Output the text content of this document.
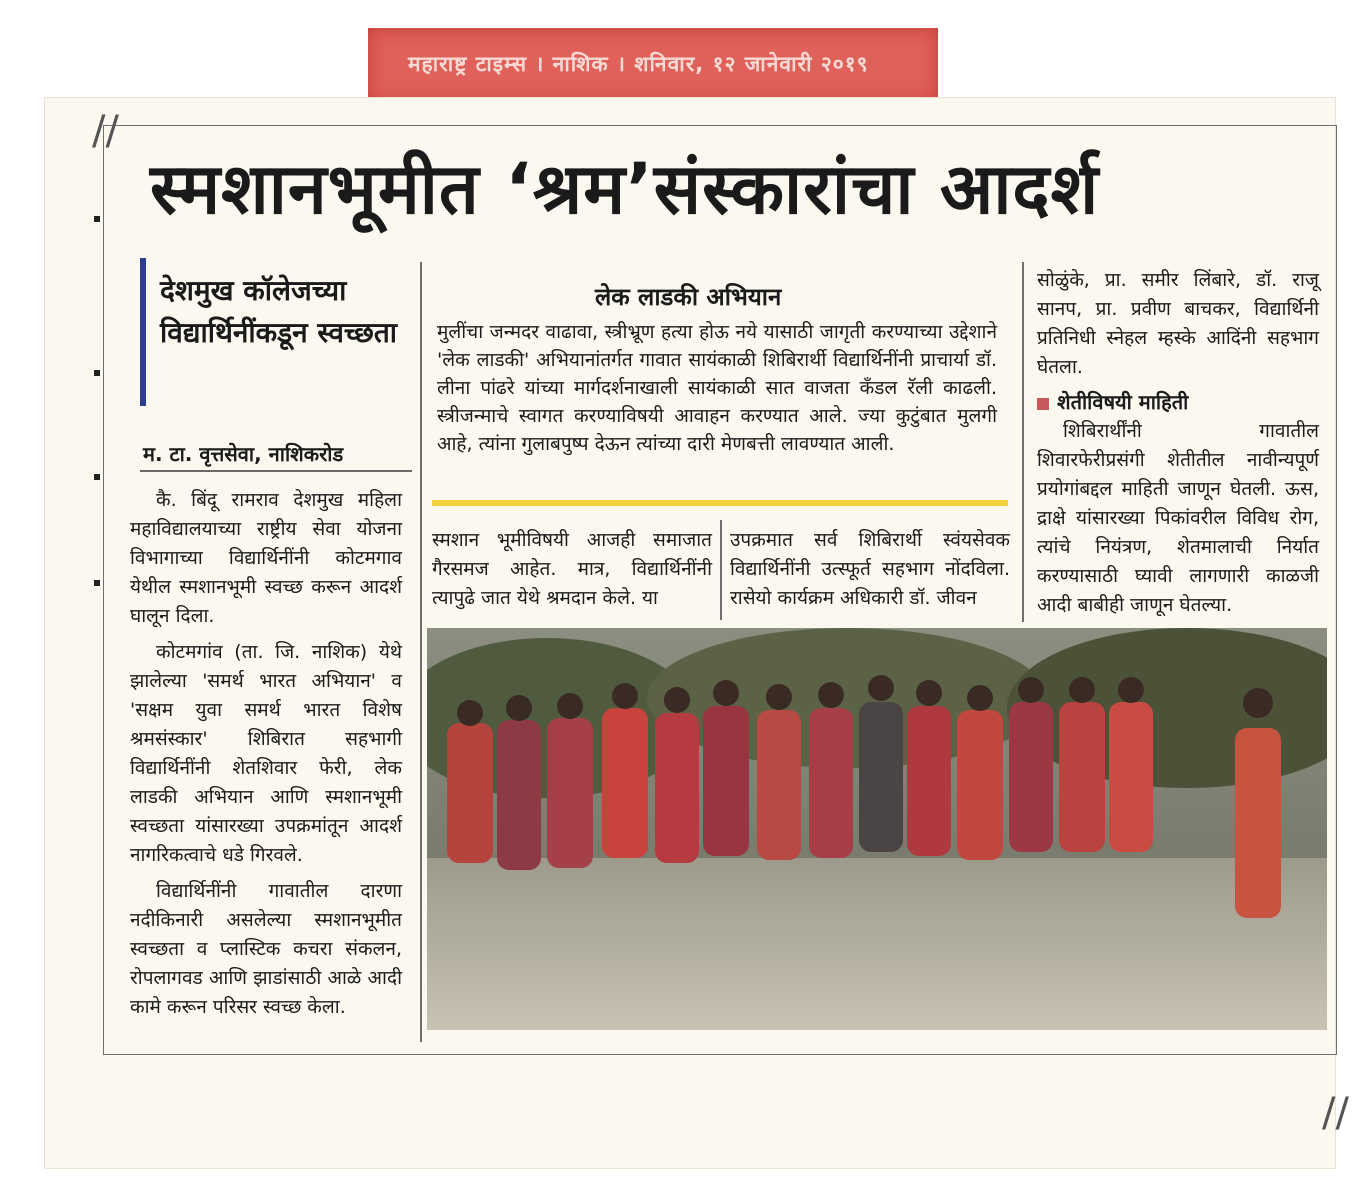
महाराष्ट्र टाइम्स । नाशिक । शनिवार, १२ जानेवारी २०१९
//
//
स्मशानभूमीत ‘श्रम’संस्कारांचा आदर्श
देशमुख कॉलेजच्या विद्यार्थिनींकडून स्वच्छता
म. टा. वृत्तसेवा, नाशिकरोड

कै. बिंदू रामराव देशमुख महिला महाविद्यालयाच्या राष्ट्रीय सेवा योजना विभागाच्या विद्यार्थिनींनी कोटमगाव येथील स्मशानभूमी स्वच्छ करून आदर्श घालून दिला.

कोटमगांव (ता. जि. नाशिक) येथे झालेल्या 'समर्थ भारत अभियान' व 'सक्षम युवा समर्थ भारत विशेष श्रमसंस्कार' शिबिरात सहभागी विद्यार्थिनींनी शेतशिवार फेरी, लेक लाडकी अभियान आणि स्मशानभूमी स्वच्छता यांसारख्या उपक्रमांतून आदर्श नागरिकत्वाचे धडे गिरवले.

विद्यार्थिनींनी गावातील दारणा नदीकिनारी असलेल्या स्मशानभूमीत स्वच्छता व प्लास्टिक कचरा संकलन, रोपलागवड आणि झाडांसाठी आळे आदी कामे करून परिसर स्वच्छ केला.

लेक लाडकी अभियान
मुलींचा जन्मदर वाढावा, स्त्रीभ्रूण हत्या होऊ नये यासाठी जागृती करण्याच्या उद्देशाने 'लेक लाडकी' अभियानांतर्गत गावात सायंकाळी शिबिरार्थी विद्यार्थिनींनी प्राचार्या डॉ. लीना पांढरे यांच्या मार्गदर्शनाखाली सायंकाळी सात वाजता कँडल रॅली काढली. स्त्रीजन्माचे स्वागत करण्याविषयी आवाहन करण्यात आले. ज्या कुटुंबात मुलगी आहे, त्यांना गुलाबपुष्प देऊन त्यांच्या दारी मेणबत्ती लावण्यात आली.
स्मशान भूमीविषयी आजही समाजात गैरसमज आहेत. मात्र, विद्यार्थिनींनी त्यापुढे जात येथे श्रमदान केले. या
उपक्रमात सर्व शिबिरार्थी स्वंयसेवक विद्यार्थिनींनी उत्स्फूर्त सहभाग नोंदविला. रासेयो कार्यक्रम अधिकारी डॉ. जीवन

सोळुंके, प्रा. समीर लिंबारे, डॉ. राजू सानप, प्रा. प्रवीण बाचकर, विद्यार्थिनी प्रतिनिधी स्नेहल म्हस्के आदिंनी सहभाग घेतला.

शेतीविषयी माहिती

शिबिरार्थींनी गावातील शिवारफेरीप्रसंगी शेतीतील नावीन्यपूर्ण प्रयोगांबद्दल माहिती जाणून घेतली. ऊस, द्राक्षे यांसारख्या पिकांवरील विविध रोग, त्यांचे नियंत्रण, शेतमालाची निर्यात करण्यासाठी घ्यावी लागणारी काळजी आदी बाबीही जाणून घेतल्या.
